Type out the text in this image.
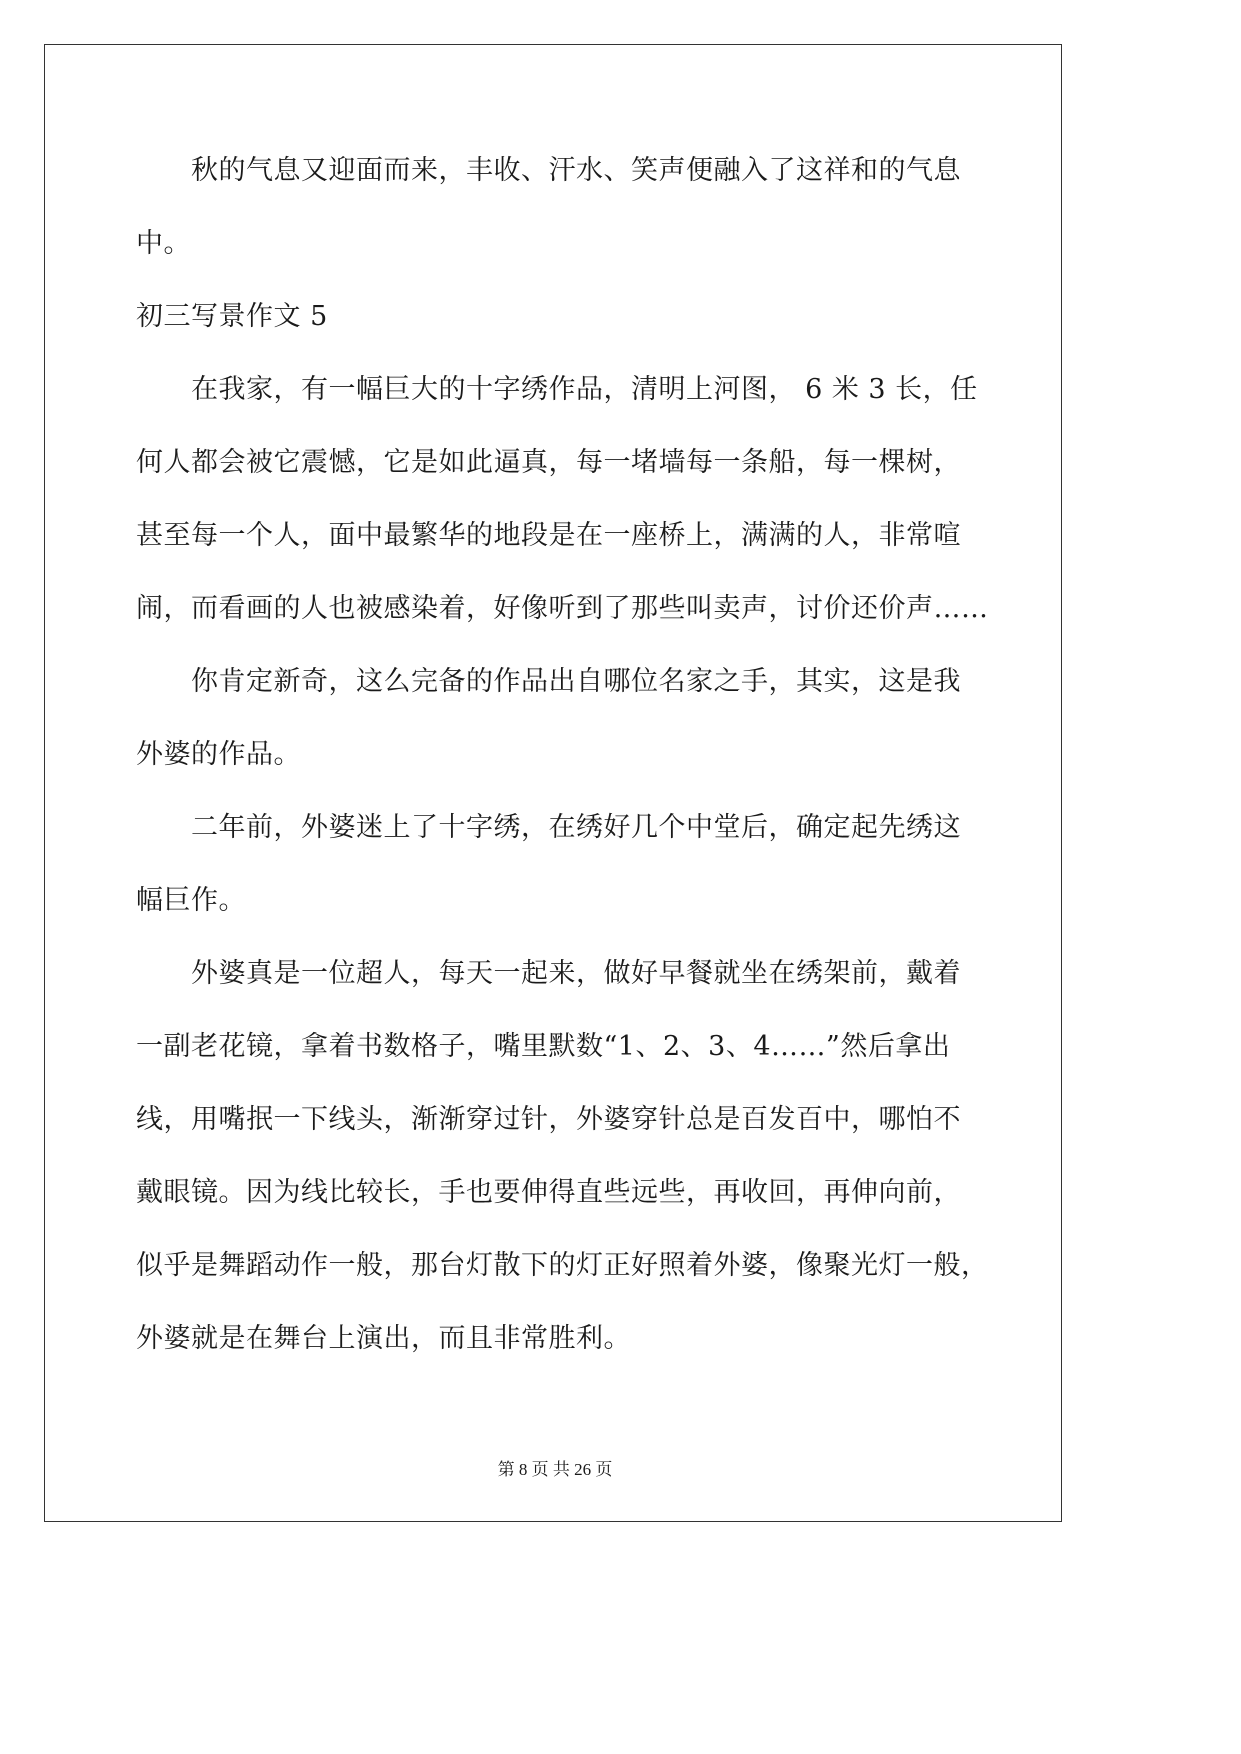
秋的气息又迎面而来，丰收、汗水、笑声便融入了这祥和的气息
中。
初三写景作文 5
在我家，有一幅巨大的十字绣作品，清明上河图， 6 米 3 长，任
何人都会被它震憾，它是如此逼真，每一堵墙每一条船，每一棵树，
甚至每一个人，面中最繁华的地段是在一座桥上，满满的人，非常喧
闹，而看画的人也被感染着，好像听到了那些叫卖声，讨价还价声……
你肯定新奇，这么完备的作品出自哪位名家之手，其实，这是我
外婆的作品。
二年前，外婆迷上了十字绣，在绣好几个中堂后，确定起先绣这
幅巨作。
外婆真是一位超人，每天一起来，做好早餐就坐在绣架前，戴着
一副老花镜，拿着书数格子，嘴里默数“1、2、3、4……”然后拿出
线，用嘴抿一下线头，渐渐穿过针，外婆穿针总是百发百中，哪怕不
戴眼镜。因为线比较长，手也要伸得直些远些，再收回，再伸向前，
似乎是舞蹈动作一般，那台灯散下的灯正好照着外婆，像聚光灯一般，
外婆就是在舞台上演出，而且非常胜利。
第 8 页 共 26 页
